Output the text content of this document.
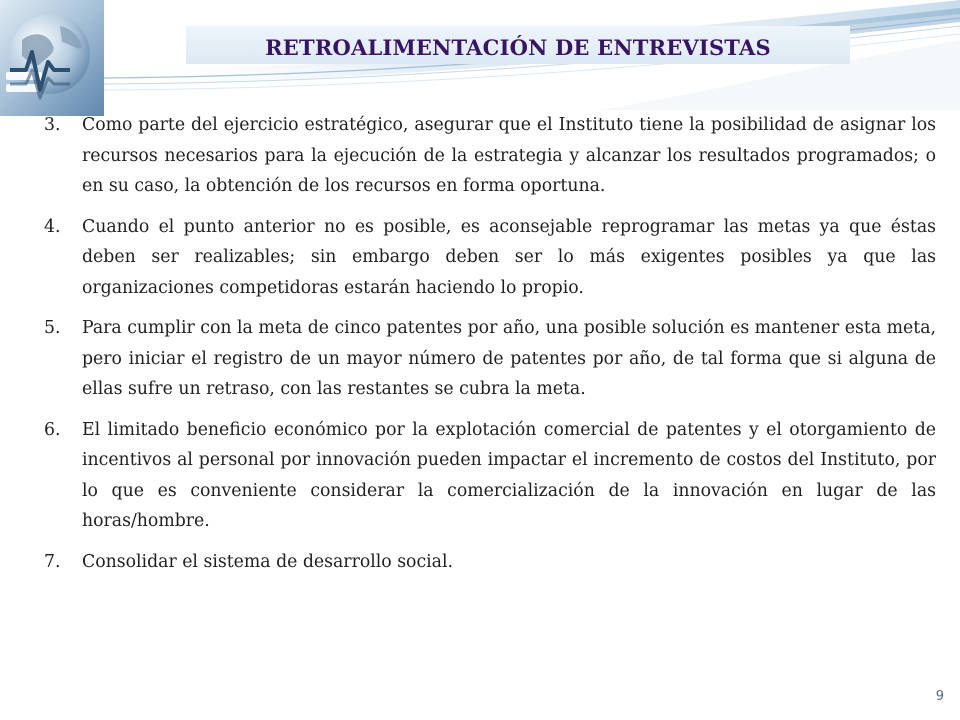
RETROALIMENTACIÓN DE ENTREVISTAS
3.	Como parte del ejercicio estratégico, asegurar que el Instituto tiene la posibilidad de asignar los recursos necesarios para la ejecución de la estrategia y alcanzar los resultados programados; o en su caso, la obtención de los recursos en forma oportuna.
4.	Cuando el punto anterior no es posible, es aconsejable reprogramar las metas ya que éstas deben ser realizables; sin embargo deben ser lo más exigentes posibles ya que las organizaciones competidoras estarán haciendo lo propio.
5.	Para cumplir con la meta de cinco patentes por año, una posible solución es mantener esta meta, pero iniciar el registro de un mayor número de patentes por año, de tal forma que si alguna de ellas sufre un retraso, con las restantes se cubra la meta.
6.	El limitado beneficio económico por la explotación comercial de patentes y el otorgamiento de incentivos al personal por innovación pueden impactar el incremento de costos del Instituto, por lo que es conveniente considerar la comercialización de la innovación en lugar de las horas/hombre.
7.	Consolidar el sistema de desarrollo social.
9
